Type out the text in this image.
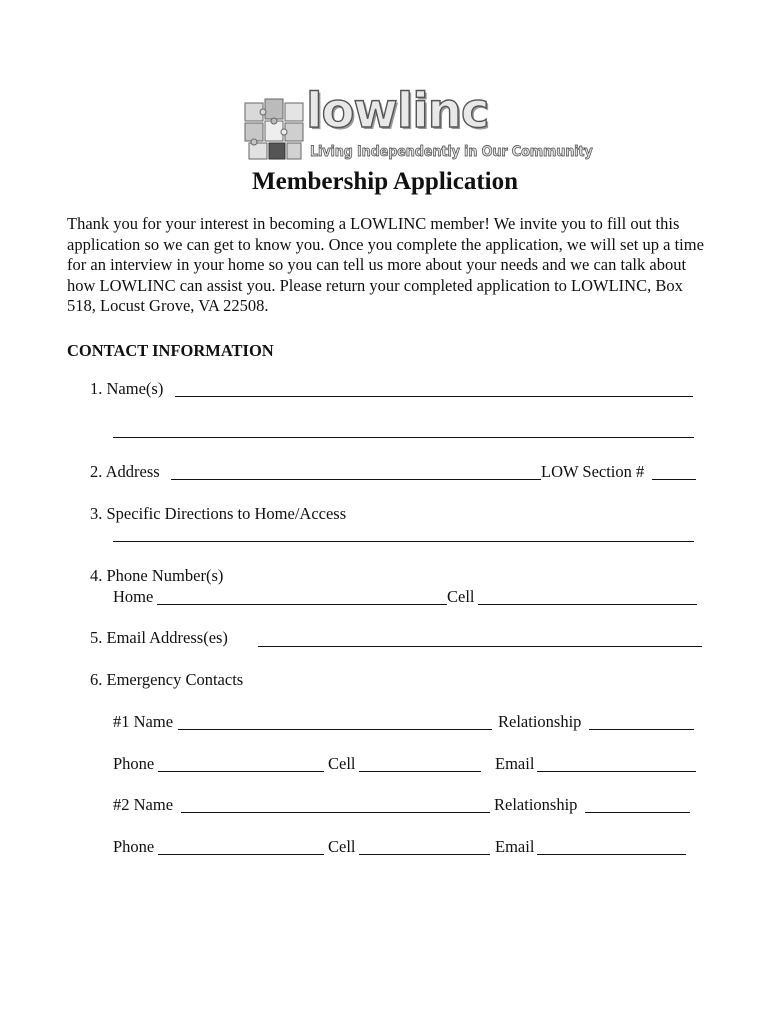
lowlinc
Living Independently in Our Community
Membership Application
Thank you for your interest in becoming a LOWLINC member! We invite you to fill out this application so we can get to know you. Once you complete the application, we will set up a time for an interview in your home so you can tell us more about your needs and we can talk about how LOWLINC can assist you. Please return your completed application to LOWLINC, Box 518, Locust Grove, VA 22508.
CONTACT INFORMATION
1. Name(s)
2. Address	LOW Section #
3. Specific Directions to Home/Access
4. Phone Number(s)
Home	Cell
5. Email Address(es)
6. Emergency Contacts
#1 Name	Relationship
Phone	Cell	Email
#2 Name	Relationship
Phone	Cell	Email
